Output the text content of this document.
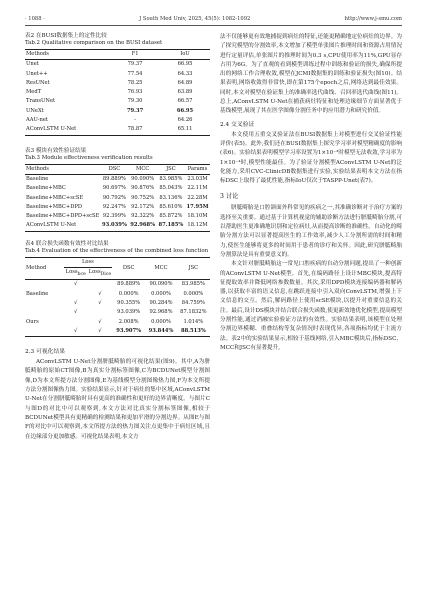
· 1088 ·	J South Med Univ, 2025, 45(5): 1082-1092	http://www.j-smu.com
表2 在BUSI数据集上的定性比较
Tab.2 Qualitative comparison on the BUSI dataset
Methods	F1	IoU
Unet	79.37	66.95
Unet++	77.54	64.33
ResUNet	78.25	64.89
MedT	76.93	63.89
TransUNet	79.30	66.57
UNeXt	79.37	66.95
AAU-net	-	64.26
AConvLSTM U-Net	78.87	65.11
表3 模块有效性验证结果
Tab.3 Module effectiveness verification results
Methods	DSC	MCC	JSC	Params
Baseline	89.889%	90.090%	83.985%	23.03M
Baseline+MBC	90.697%	90.876%	85.043%	22.11M
Baseline+MBC+scSE	90.792%	90.752%	83.136%	22.28M
Baseline+MBC+DPD	92.247%	92.172%	85.610%	17.95M
Baseline+MBC+DPD+scSE	92.399%	92.322%	85.872%	18.10M
AConvLSTM U-Net	93.039%	92.968%	87.185%	18.12M
表4 联合损失函数有效性对比结果
Tab.4 Evaluation of the effectiveness of the combined loss function
Method	Loss		DSC	MCC	JSC
	Loss$_{bce}$	Loss$_{Dice}$
	√		89.889%	90.090%	83.985%
Baseline		√	0.000%	0.000%	0.000%
	√	√	90.355%	90.284%	84.759%
	√		93.039%	92.968%	87.1832%
Ours		√	2.008%	0.000%	1.014%
	√	√	93.907%	93.844%	88.513%
2.3 可视化结果

AConvLSTM U-Net分割胼胝畸胎的可视化结果(图9)。其中,A为胼胝畸胎的原始CT图像,B为真实分割标签图像,C为BCDUNet模型分割图像,D为本文所提方法分割图像,E为基线模型分割图像热力图,F为本文所提方法分割图像热力图。实验结果显示,针对于病灶的集中区域,AConvLSTM U-Net在分割胼胝畸胎时具有更高的准确性和更好的边界清晰度。与图片C与图D的对比中可以观察到,本文方法对比真实分割标签图像,相较于BCDUNet模型具有更精确的检测结果和更加平滑的分割边界。从图E与图F的对比中可以观察到,本文所提方法的热力图关注点更集中于病灶区域,且在边缘部分更加敏感。可视化结果表明,本文方

法不仅能够更有效地捕捉到病灶的特征,还能更精确地定位病灶的边界。为了探究模型的分割效率,本文增加了模型单张图片推理时间和资源占用情况进行定量评估,单张图片的推理时间为0.3 s,CPU使用率为11%,GPU显存占用为6G。为了直观的看到模型训练过程中训练和验证的损失,确保所提出的网络工作合理收敛,模型在JCMI数据集的训练和验证损失(图10)。结果表明,网络收敛得非常快,即在第175个epoch之后,网络达到最佳效果。同时,本文对模型在验证集上的准确率选代曲线、召回率选代曲线(图11)。总上,AConvLSTM U-Net在捕获病灶特征和处理边缘细节方面显著优于基线模型,展现了其在医学图像分割任务中的应用潜力和研究价值。

2.4 交叉验证

本文使用五重交叉验证法在BUSI数据集上对模型进行交叉验证性能评价(表5)。此外,我们还在BUSI数据集上探究学习率对模型精确度的影响(表6)。实验结果表明模型学习率设置为1×10⁻³时模型无法收敛,学习率为1×10⁻⁴时,模型性能最佳。为了验证分割模型AConvLSTM U-Net的泛化能力,采用CVC-ClinicDB数据集进行实验,实验结果表明本文方法在指标DSC上取得了最优性能,指标IoU仅次于TASPP-Unet(表7)。

3 讨论

胼胝畸胎是口腔颌面外科常见的疾病之一,其准确诊断对于治疗方案的选择至关重要。通过基于计算机视觉的辅助诊断方法进行胼胝畸胎分割,可以帮助医生更准确地识别和定位病灶,从而提高诊断的准确性。自动化的畸胎分割方法可以显著提高医生的工作效率,减少人工分割所需的时间和精力,使医生能够将更多的时间用于患者的诊疗和关怀。因此,研究胼胝畸胎分割算法是具有重要意义的。

本文针对胼胝畸胎这一常见口腔疾病的自动分割问题,提出了一种创新的AConvLSTM U-Net模型。首先,在编码路径上设计MBC模块,提高特征提取效率并降低网络参数数量。其次,采用DPD模块连接编码器和解码器,以获取丰富的语义信息,在跳跃连接中引入双向ConvLSTM,增强上下文信息的交互。然后,解码路径上使用scSE模块,以提升对重要信息的关注。最后,设计DS模块并结合联合损失函数,使更新效地优化模型,提高模型分割性能,通过消融实验验证方法的有效性。实验结果表明,该模型在处理分割边界模糊、重叠结构等复杂情况时表现优异,各项指标均优于主流方法。表2中的实验结果显示,相较于基线网络,引入MBC模块后,指标DSC、MCC和JSC有显著提升,
